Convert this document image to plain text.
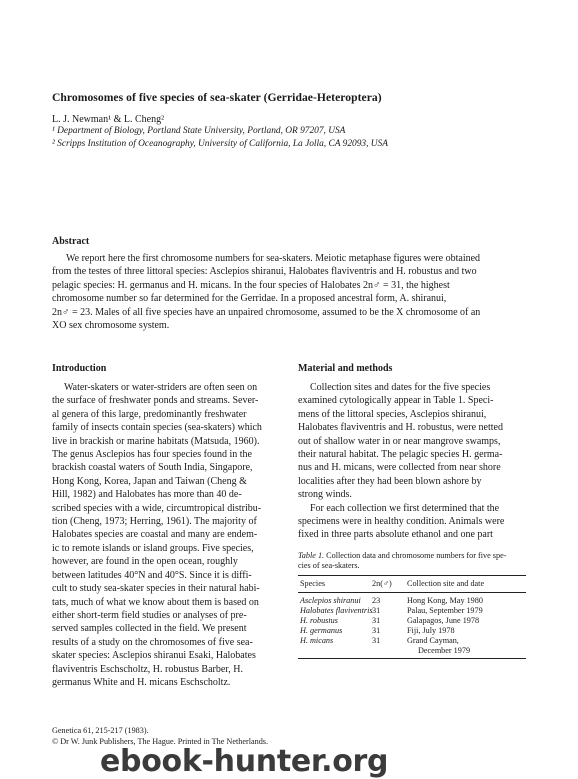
Chromosomes of five species of sea-skater (Gerridae-Heteroptera)
L. J. Newman¹ & L. Cheng²
¹ Department of Biology, Portland State University, Portland, OR 97207, USA
² Scripps Institution of Oceanography, University of California, La Jolla, CA 92093, USA
Abstract
We report here the first chromosome numbers for sea-skaters. Meiotic metaphase figures were obtained
from the testes of three littoral species: Asclepios shiranui, Halobates flaviventris and H. robustus and two
pelagic species: H. germanus and H. micans. In the four species of Halobates 2n♂ = 31, the highest
chromosome number so far determined for the Gerridae. In a proposed ancestral form, A. shiranui,
2n♂ = 23. Males of all five species have an unpaired chromosome, assumed to be the X chromosome of an
XO sex chromosome system.
Introduction
Water-skaters or water-striders are often seen on
the surface of freshwater ponds and streams. Sever-
al genera of this large, predominantly freshwater
family of insects contain species (sea-skaters) which
live in brackish or marine habitats (Matsuda, 1960).
The genus Asclepios has four species found in the
brackish coastal waters of South India, Singapore,
Hong Kong, Korea, Japan and Taiwan (Cheng &
Hill, 1982) and Halobates has more than 40 de-
scribed species with a wide, circumtropical distribu-
tion (Cheng, 1973; Herring, 1961). The majority of
Halobates species are coastal and many are endem-
ic to remote islands or island groups. Five species,
however, are found in the open ocean, roughly
between latitudes 40°N and 40°S. Since it is diffi-
cult to study sea-skater species in their natural habi-
tats, much of what we know about them is based on
either short-term field studies or analyses of pre-
served samples collected in the field. We present
results of a study on the chromosomes of five sea-
skater species: Asclepios shiranui Esaki, Halobates
flaviventris Eschscholtz, H. robustus Barber, H.
germanus White and H. micans Eschscholtz.
Material and methods
Collection sites and dates for the five species
examined cytologically appear in Table 1. Speci-
mens of the littoral species, Asclepios shiranui,
Halobates flaviventris and H. robustus, were netted
out of shallow water in or near mangrove swamps,
their natural habitat. The pelagic species H. germa-
nus and H. micans, were collected from near shore
localities after they had been blown ashore by
strong winds.
For each collection we first determined that the
specimens were in healthy condition. Animals were
fixed in three parts absolute ethanol and one part
Table 1. Collection data and chromosome numbers for five spe-
cies of sea-skaters.
Species	2n(♂) Collection site and date
Asclepios shiranui 23	Hong Kong, May 1980
Halobates flaviventris 31	Palau, September 1979
H. robustus	31	Galapagos, June 1978
H. germanus	31	Fiji, July 1978
H. micans	31	Grand Cayman,
December 1979
Genetica 61, 215-217 (1983).
© Dr W. Junk Publishers, The Hague. Printed in The Netherlands.
ebook-hunter.org
